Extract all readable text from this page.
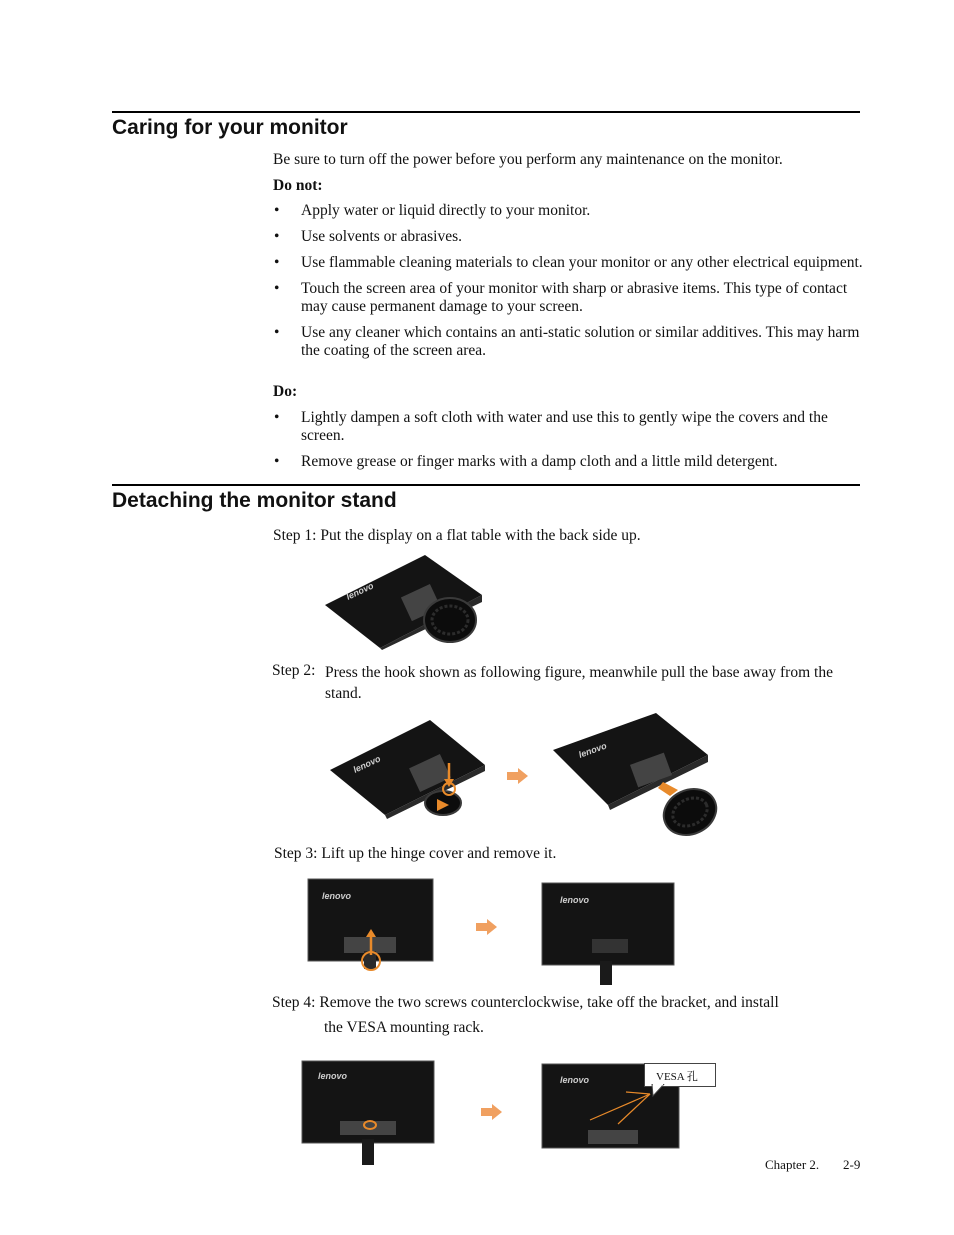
Caring for your monitor

Be sure to turn off the power before you perform any maintenance on the monitor.

Do not:
• Apply water or liquid directly to your monitor.
• Use solvents or abrasives.
• Use flammable cleaning materials to clean your monitor or any other electrical equipment.
• Touch the screen area of your monitor with sharp or abrasive items. This type of contact may cause permanent damage to your screen.
• Use any cleaner which contains an anti-static solution or similar additives. This may harm the coating of the screen area.
Do:
• Lightly dampen a soft cloth with water and use this to gently wipe the covers and the screen.
• Remove grease or finger marks with a damp cloth and a little mild detergent.
Detaching the monitor stand

Step 1: Put the display on a flat table with the back side up.

lenovo

Step 2: Press the hook shown as following figure, meanwhile pull the base away from the stand.

lenovo
lenovo

Step 3: Lift up the hinge cover and remove it.

lenovo	lenovo

Step 4: Remove the two screws counterclockwise, take off the bracket, and install

the VESA mounting rack.

lenovo	lenovo	VESA 孔
Chapter 2. 2-9
